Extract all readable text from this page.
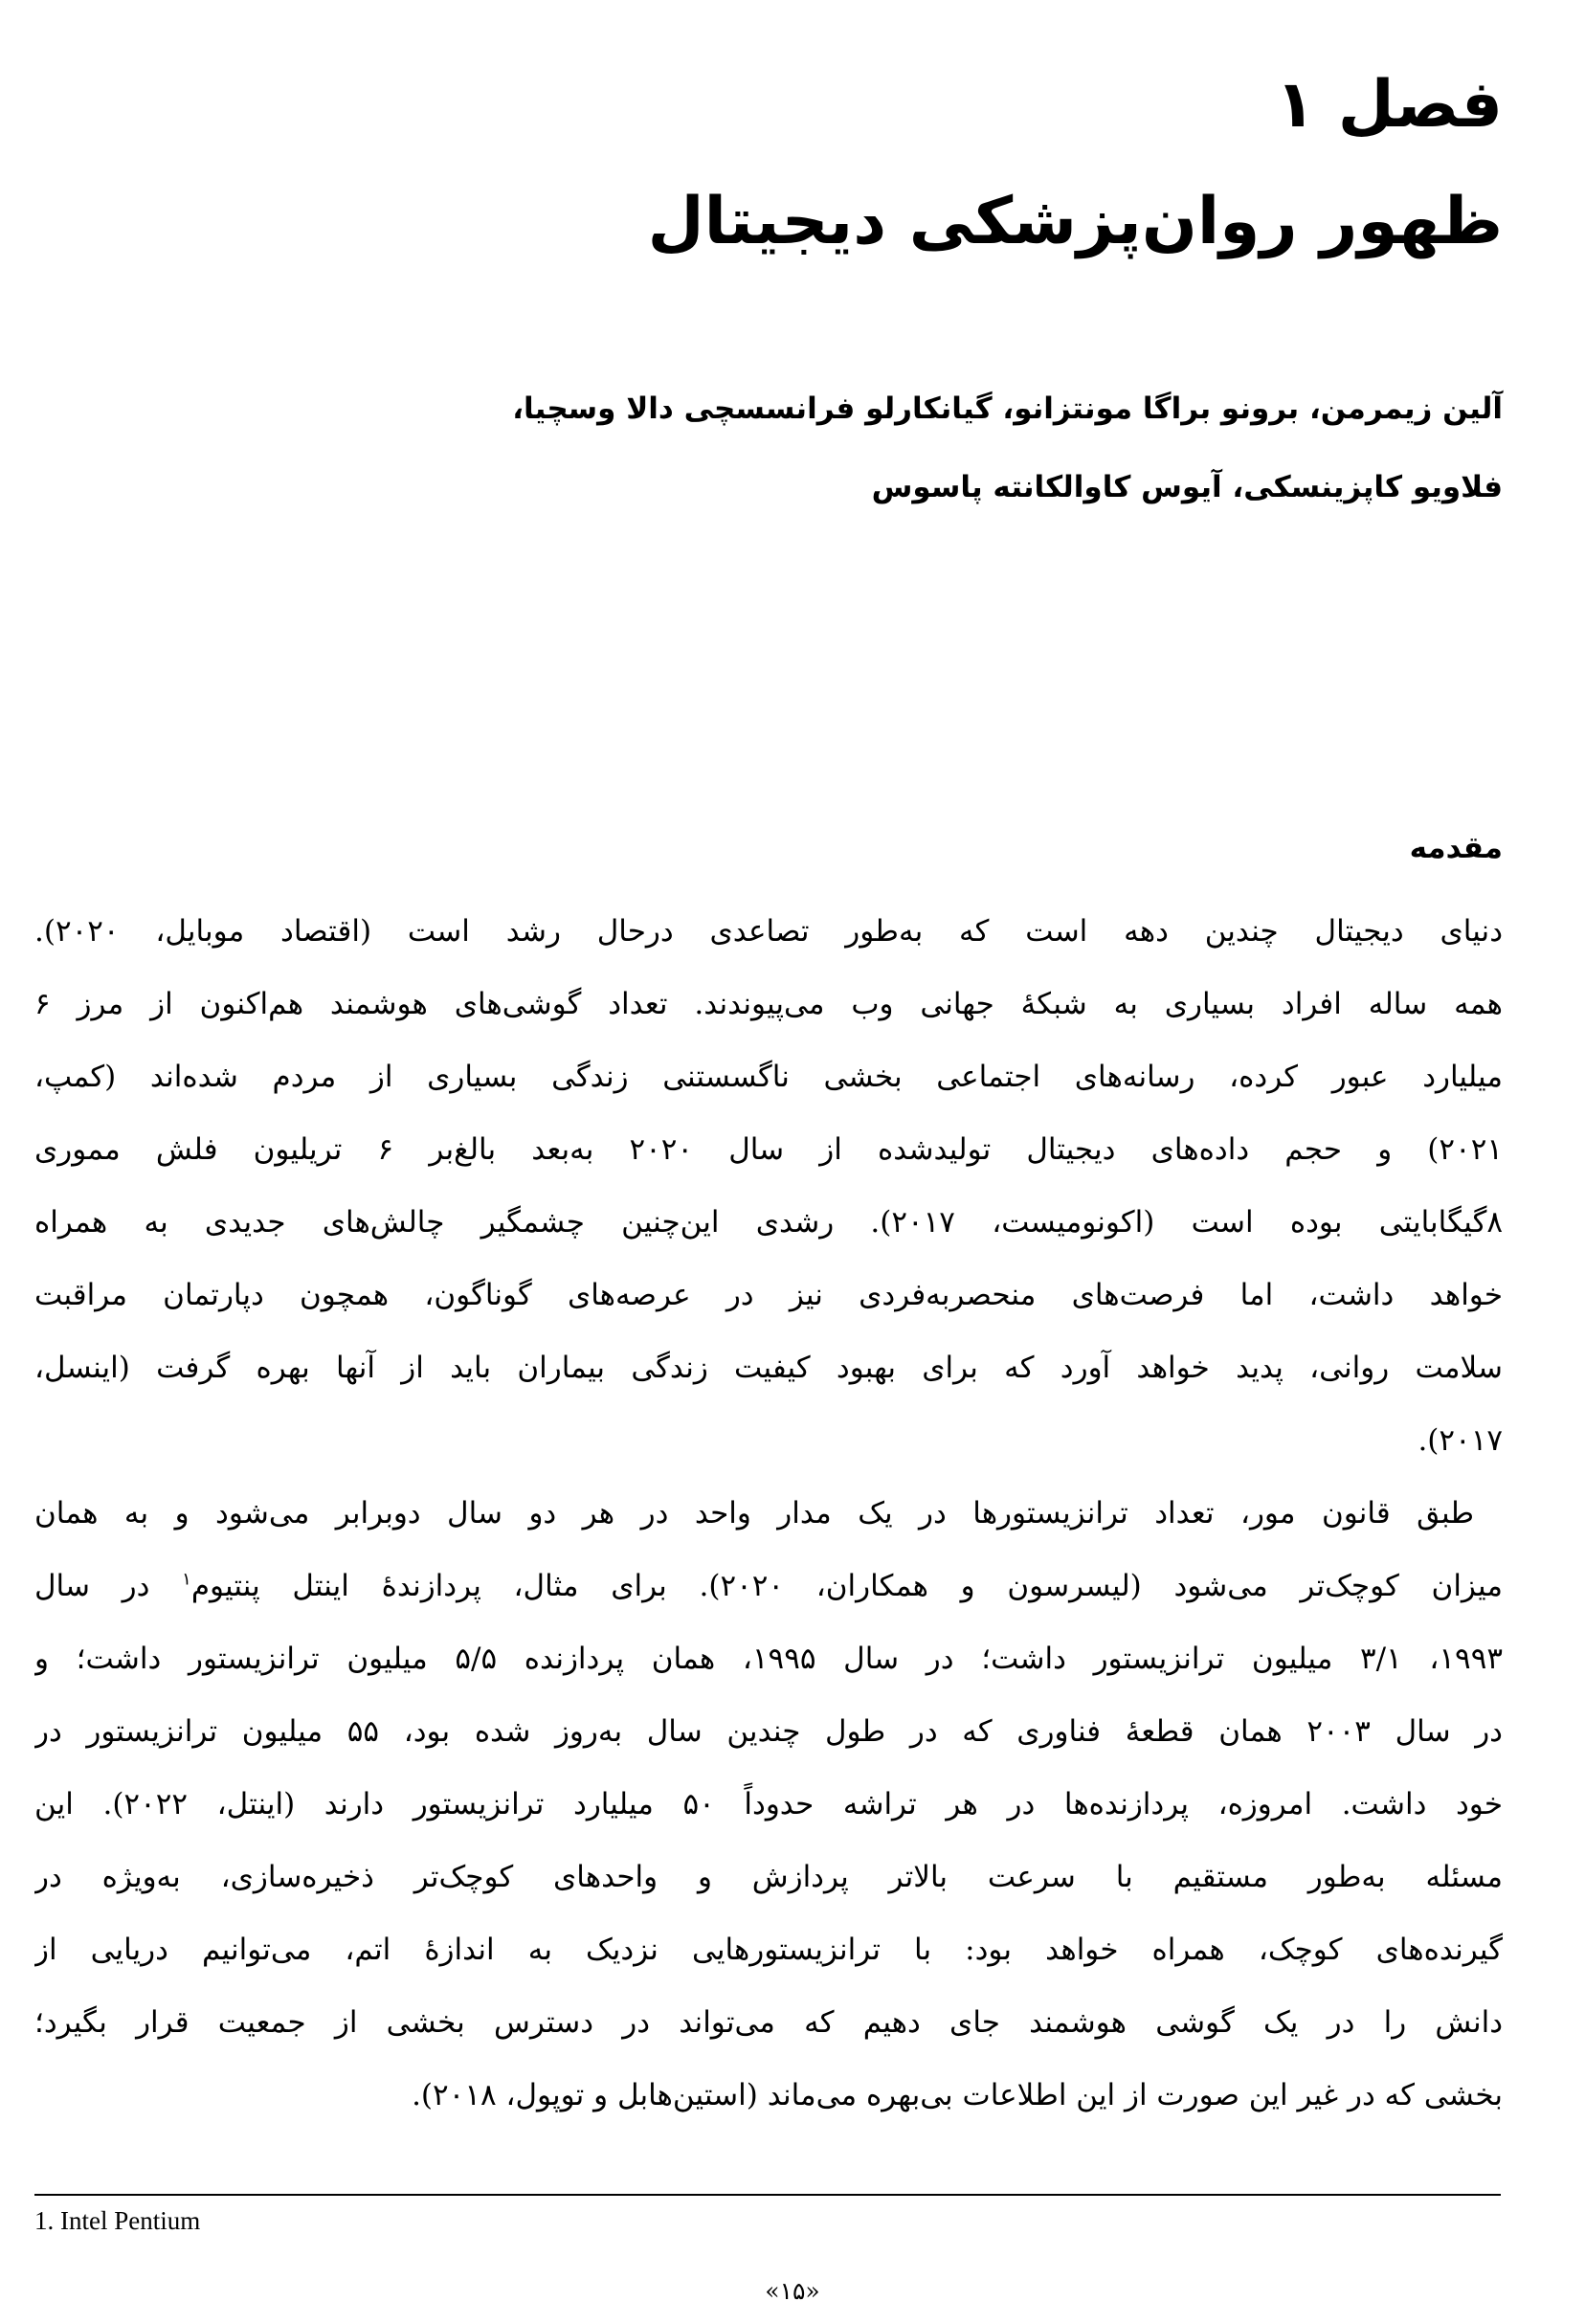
فصل ۱
ظهور روان‌پزشکی دیجیتال
آلین زیمرمن، برونو براگا مونتزانو، گیانکارلو فرانسسچی دالا وسچیا،
فلاویو کاپزینسکی، آیوس کاوالکانته پاسوس
مقدمه
دنیای دیجیتال چندین دهه است که به‌طور تصاعدی درحال رشد است (اقتصاد موبایل، ۲۰۲۰).
همه ساله افراد بسیاری به شبکهٔ جهانی وب می‌پیوندند. تعداد گوشی‌های هوشمند هم‌اکنون از مرز ۶
میلیارد عبور کرده، رسانه‌های اجتماعی بخشی ناگسستنی زندگی بسیاری از مردم شده‌اند (کمپ،
۲۰۲۱) و حجم داده‌های دیجیتال تولیدشده از سال ۲۰۲۰ به‌بعد بالغ‌بر ۶ تریلیون فلش مموری
۸گیگابایتی بوده است (اکونومیست، ۲۰۱۷). رشدی این‌چنین چشمگیر چالش‌های جدیدی به همراه
خواهد داشت، اما فرصت‌های منحصربه‌فردی نیز در عرصه‌های گوناگون، همچون دپارتمان مراقبت
سلامت روانی، پدید خواهد آورد که برای بهبود کیفیت زندگی بیماران باید از آنها بهره گرفت (اینسل،
۲۰۱۷).
طبق قانون مور، تعداد ترانزیستورها در یک مدار واحد در هر دو سال دوبرابر می‌شود و به همان
میزان کوچک‌تر می‌شود (لیسرسون و همکاران، ۲۰۲۰). برای مثال، پردازندهٔ اینتل پنتیوم$^۱$ در سال
۱۹۹۳، ۳/۱ میلیون ترانزیستور داشت؛ در سال ۱۹۹۵، همان پردازنده ۵/۵ میلیون ترانزیستور داشت؛ و
در سال ۲۰۰۳ همان قطعهٔ فناوری که در طول چندین سال به‌روز شده بود، ۵۵ میلیون ترانزیستور در
خود داشت. امروزه، پردازنده‌ها در هر تراشه حدوداً ۵۰ میلیارد ترانزیستور دارند (اینتل، ۲۰۲۲). این
مسئله به‌طور مستقیم با سرعت بالاتر پردازش و واحدهای کوچک‌تر ذخیره‌سازی، به‌ویژه در
گیرنده‌های کوچک، همراه خواهد بود: با ترانزیستورهایی نزدیک به اندازهٔ اتم، می‌توانیم دریایی از
دانش را در یک گوشی هوشمند جای دهیم که می‌تواند در دسترس بخشی از جمعیت قرار بگیرد؛
بخشی که در غیر این صورت از این اطلاعات بی‌بهره می‌ماند (استین‌هابل و توپول، ۲۰۱۸).
1. Intel Pentium
«۱۵»
